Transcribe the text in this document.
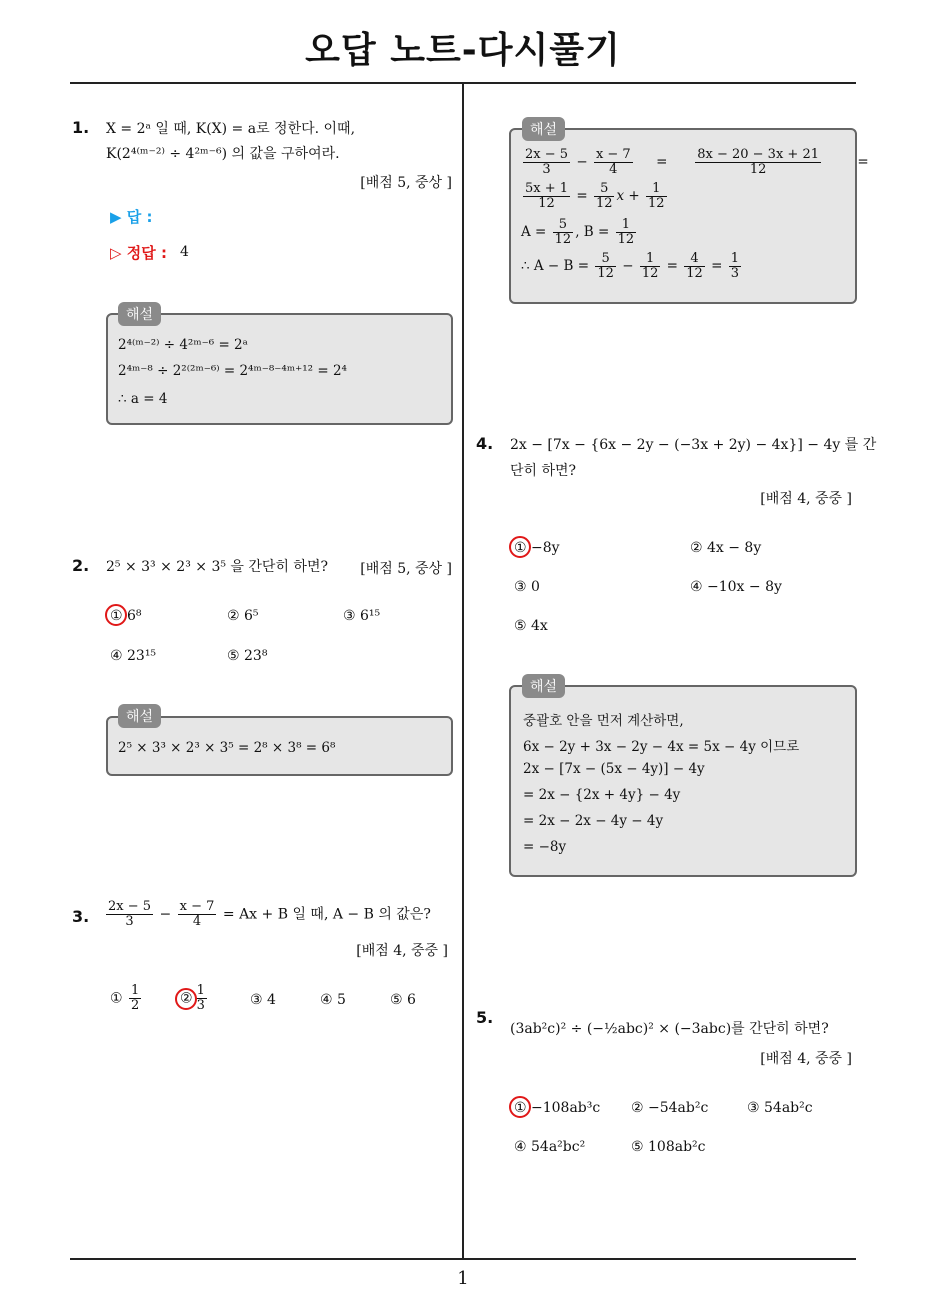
오답 노트-다시풀기
1
1. X = 2ᵃ 일 때, K(X) = a로 정한다. 이때,
K(2⁴⁽ᵐ⁻²⁾ ÷ 4²ᵐ⁻⁶) 의 값을 구하여라.
[배점 5, 중상 ]
▶ 답 :
▷ 정답 : 4
2⁴⁽ᵐ⁻²⁾ ÷ 4²ᵐ⁻⁶ = 2ᵃ
2⁴ᵐ⁻⁸ ÷ 2²⁽²ᵐ⁻⁶⁾ = 2⁴ᵐ⁻⁸⁻⁴ᵐ⁺¹² = 2⁴
∴ a = 4
해설
2. 2⁵ × 3³ × 2³ × 3⁵ 을 간단히 하면? [배점 5, 중상 ]
① 6⁸	② 6⁵	③ 6¹⁵
④ 23¹⁵	⑤ 23⁸
2⁵ × 3³ × 2³ × 3⁵ = 2⁸ × 3⁸ = 6⁸
해설
3. $\frac{2x - 5}{3} - \frac{x - 7}{4} = Ax + B$ 일 때, A − B 의 값은?
[배점 4, 중중 ]
① $\frac{1}{2}$	② $\frac{1}{3}$	③ 4	④ 5	⑤ 6
$\frac{2x - 5}{3} - \frac{x - 7}{4} = \frac{8x - 20 - 3x + 21}{12}$ =
$\frac{5x + 1}{12} = \frac{5}{12}$ $x + \frac{1}{12}$
$A = \frac{5}{12}$ , $B = \frac{1}{12}$
∴ $A - B = \frac{5}{12} - \frac{1}{12} = \frac{4}{12} = \frac{1}{3}$
해설
4. 2x − [7x − {6x − 2y − (−3x + 2y) − 4x}] − 4y 를 간
단히 하면?
[배점 4, 중중 ]
① −8y	② 4x − 8y
③ 0	④ −10x − 8y
⑤ 4x
중괄호 안을 먼저 계산하면,
6x − 2y + 3x − 2y − 4x = 5x − 4y 이므로
2x − [7x − (5x − 4y)] − 4y
= 2x − {2x + 4y} − 4y
= 2x − 2x − 4y − 4y
= −8y
해설
5.
(3ab²c)² ÷ (−½abc)² × (−3abc)를 간단히 하면?
[배점 4, 중중 ]
① −108ab³c ② −54ab²c	③ 54ab²c
④ 54a²bc²	⑤ 108ab²c
